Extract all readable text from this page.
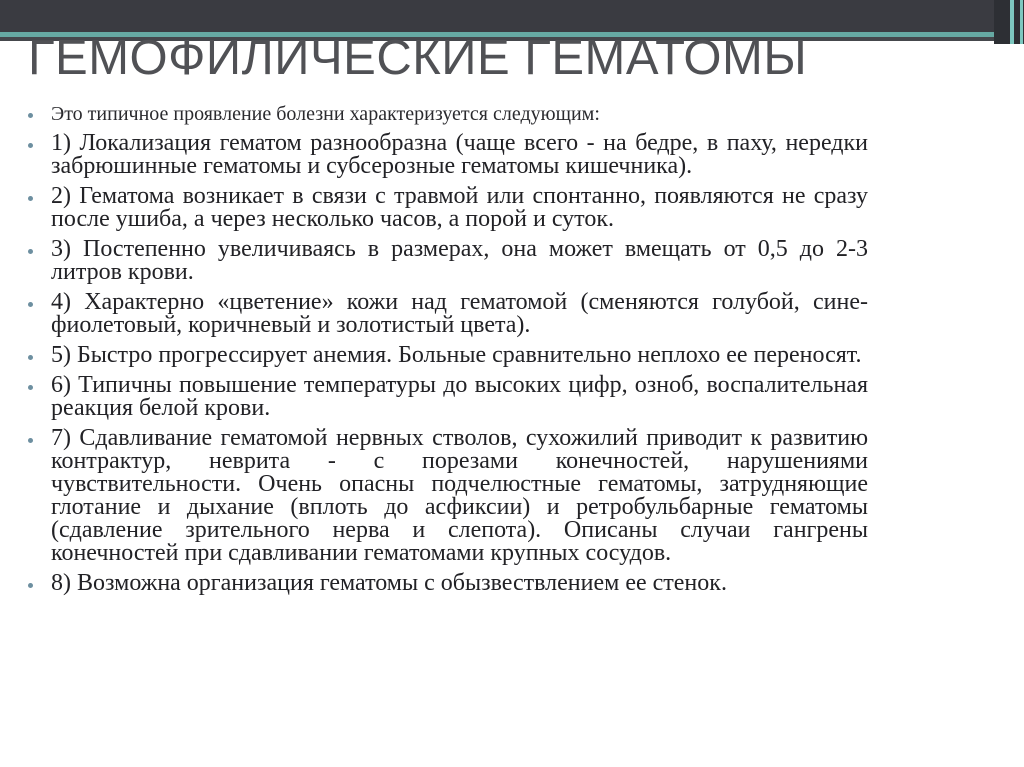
ГЕМОФИЛИЧЕСКИЕ ГЕМАТОМЫ
Это типичное проявление болезни характеризуется следующим:
1) Локализация гематом разнообразна (чаще всего - на бедре, в паху, нередки забрюшинные гематомы и субсерозные гематомы кишечника).
2) Гематома возникает в связи с травмой или спонтанно, появляются не сразу после ушиба, а через несколько часов, а порой и суток.
3) Постепенно увеличиваясь в размерах, она может вмещать от 0,5 до 2-3 литров крови.
4) Характерно «цветение» кожи над гематомой (сменяются голубой, сине-фиолетовый, коричневый и золотистый цвета).
5) Быстро прогрессирует анемия. Больные сравнительно неплохо ее переносят.
6) Типичны повышение температуры до высоких цифр, озноб, воспалительная реакция белой крови.
7) Сдавливание гематомой нервных стволов, сухожилий приводит к развитию контрактур, неврита - с порезами конечностей, нарушениями чувствительности. Очень опасны подчелюстные гематомы, затрудняющие глотание и дыхание (вплоть до асфиксии) и ретробульбарные гематомы (сдавление зрительного нерва и слепота). Описаны случаи гангрены конечностей при сдавливании гематомами крупных сосудов.
8) Возможна организация гематомы с обызвествлением ее стенок.
